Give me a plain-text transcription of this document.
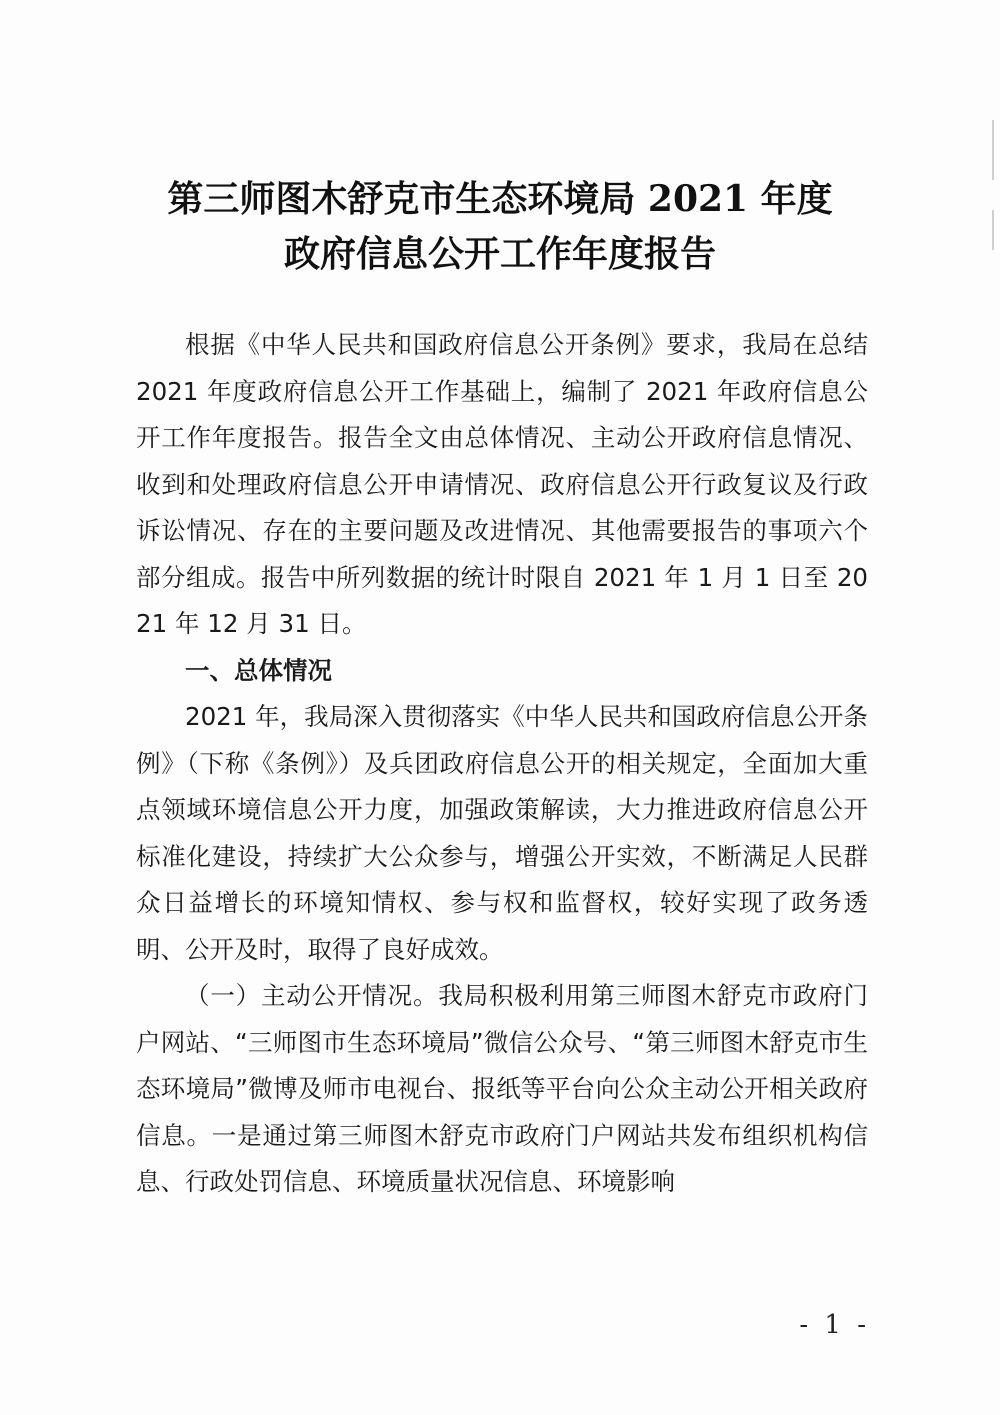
第三师图木舒克市生态环境局 2021 年度
政府信息公开工作年度报告

根据《中华人民共和国政府信息公开条例》要求，我局在总结 2021 年度政府信息公开工作基础上，编制了 2021 年政府信息公开工作年度报告。报告全文由总体情况、主动公开政府信息情况、收到和处理政府信息公开申请情况、政府信息公开行政复议及行政诉讼情况、存在的主要问题及改进情况、其他需要报告的事项六个部分组成。报告中所列数据的统计时限自 2021 年 1 月 1 日至 2021 年 12 月 31 日。

一、总体情况

2021 年，我局深入贯彻落实《中华人民共和国政府信息公开条例》（下称《条例》）及兵团政府信息公开的相关规定，全面加大重点领域环境信息公开力度，加强政策解读，大力推进政府信息公开标准化建设，持续扩大公众参与，增强公开实效，不断满足人民群众日益增长的环境知情权、参与权和监督权，较好实现了政务透明、公开及时，取得了良好成效。

（一）主动公开情况。我局积极利用第三师图木舒克市政府门户网站、“三师图市生态环境局”微信公众号、“第三师图木舒克市生态环境局”微博及师市电视台、报纸等平台向公众主动公开相关政府信息。一是通过第三师图木舒克市政府门户网站共发布组织机构信息、行政处罚信息、环境质量状况信息、环境影响

- 1 -
